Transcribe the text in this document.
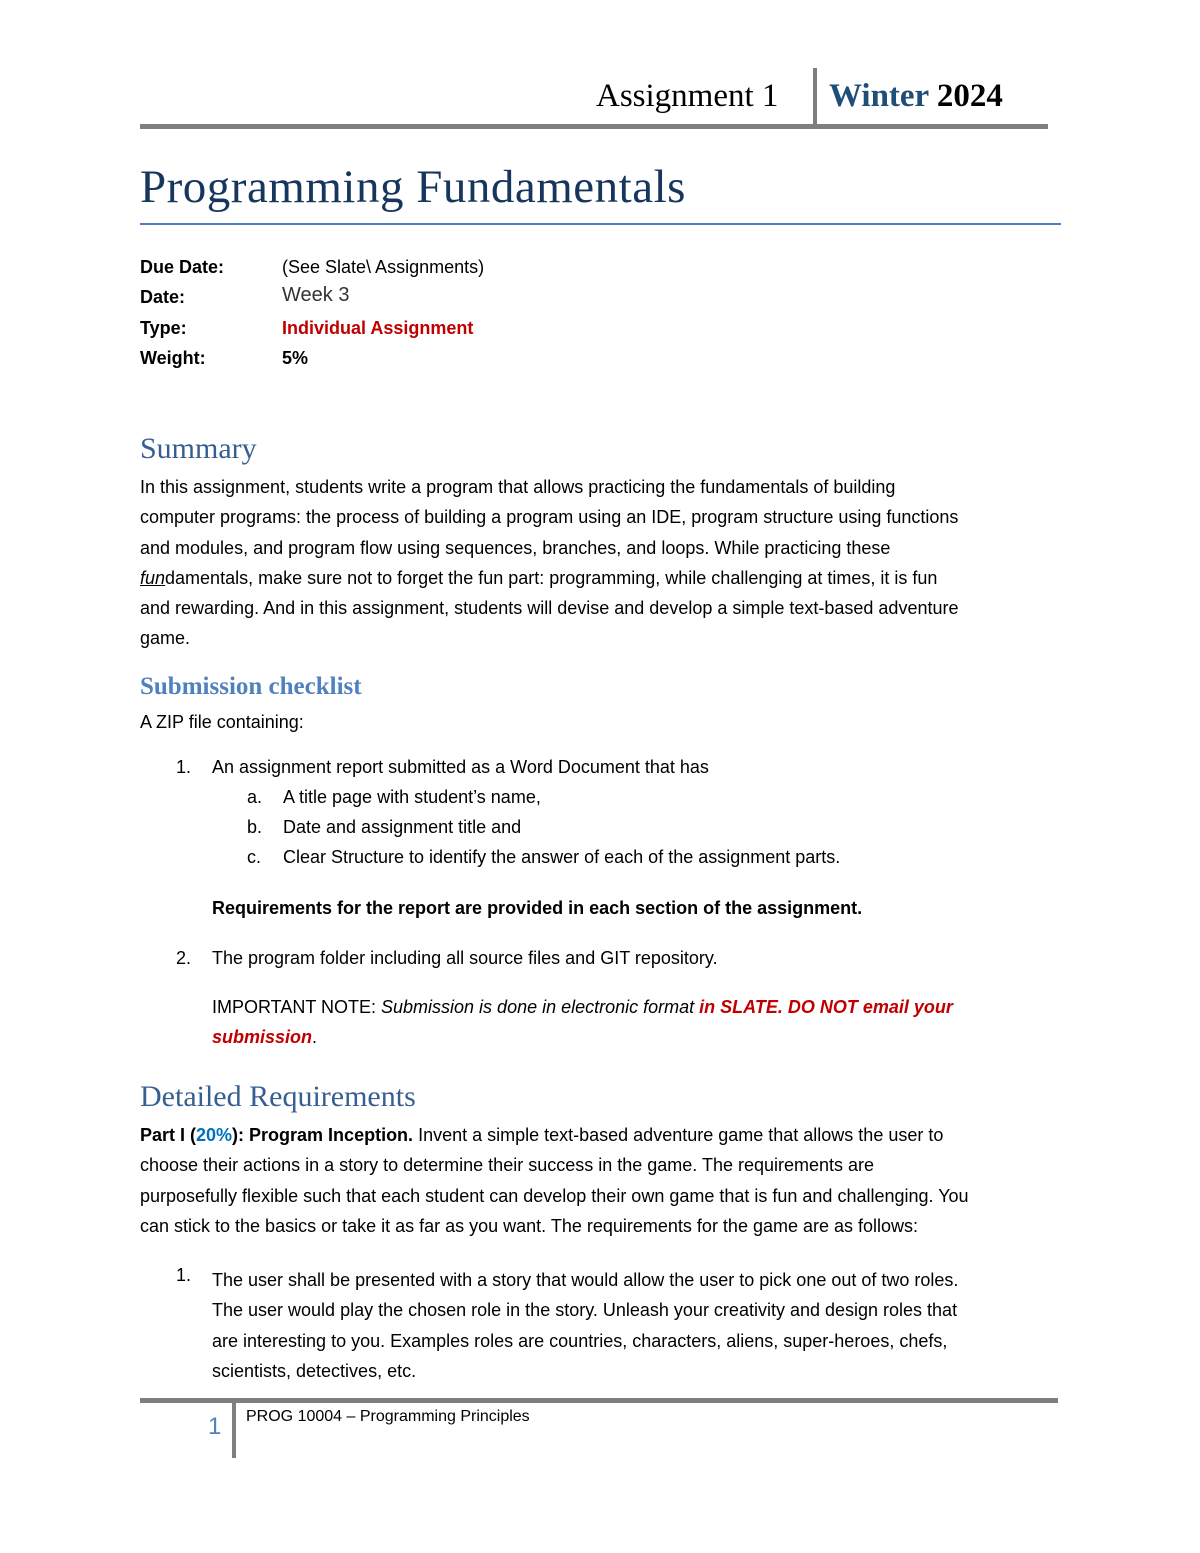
Assignment 1 Winter 2024
Programming Fundamentals
Due Date:	(See Slate\ Assignments)
Date:	Week 3
Type:	Individual Assignment
Weight:	5%
Summary
In this assignment, students write a program that allows practicing the fundamentals of building
computer programs: the process of building a program using an IDE, program structure using functions
and modules, and program flow using sequences, branches, and loops. While practicing these
fundamentals, make sure not to forget the fun part: programming, while challenging at times, it is fun
and rewarding. And in this assignment, students will devise and develop a simple text-based adventure
game.
Submission checklist
A ZIP file containing:
1. An assignment report submitted as a Word Document that has
a. A title page with student’s name,
b. Date and assignment title and
c. Clear Structure to identify the answer of each of the assignment parts.
Requirements for the report are provided in each section of the assignment.
2. The program folder including all source files and GIT repository.
IMPORTANT NOTE: Submission is done in electronic format in SLATE. DO NOT email your
submission.
Detailed Requirements
Part I (20%): Program Inception. Invent a simple text-based adventure game that allows the user to
choose their actions in a story to determine their success in the game. The requirements are
purposefully flexible such that each student can develop their own game that is fun and challenging. You
can stick to the basics or take it as far as you want. The requirements for the game are as follows:
1. The user shall be presented with a story that would allow the user to pick one out of two roles.
The user would play the chosen role in the story. Unleash your creativity and design roles that
are interesting to you. Examples roles are countries, characters, aliens, super-heroes, chefs,
scientists, detectives, etc.
1 PROG 10004 – Programming Principles
